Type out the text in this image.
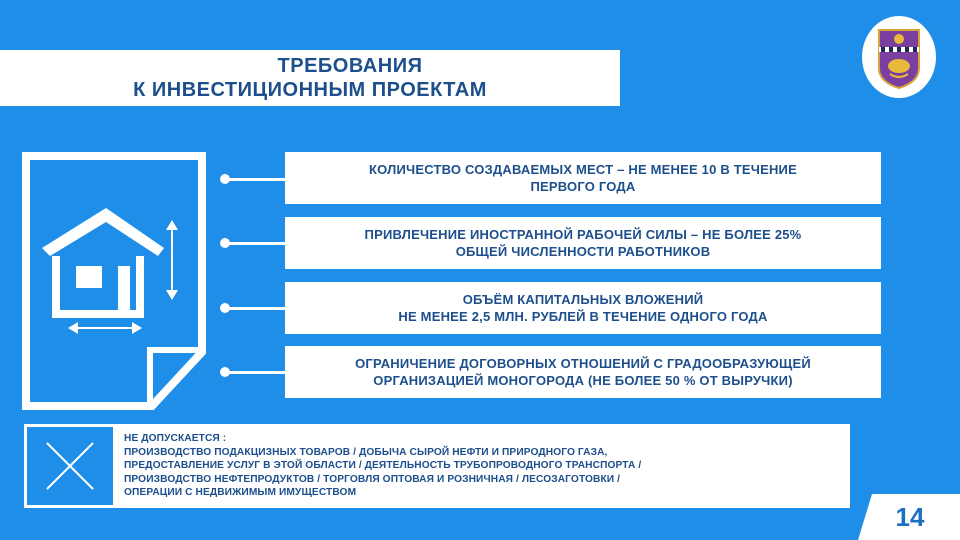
ТРЕБОВАНИЯ
К ИНВЕСТИЦИОННЫМ ПРОЕКТАМ
КОЛИЧЕСТВО СОЗДАВАЕМЫХ МЕСТ – НЕ МЕНЕЕ 10 В ТЕЧЕНИЕ
ПЕРВОГО ГОДА
ПРИВЛЕЧЕНИЕ ИНОСТРАННОЙ РАБОЧЕЙ СИЛЫ – НЕ БОЛЕЕ 25%
ОБЩЕЙ ЧИСЛЕННОСТИ РАБОТНИКОВ
ОБЪЁМ КАПИТАЛЬНЫХ ВЛОЖЕНИЙ
НЕ МЕНЕЕ 2,5 МЛН. РУБЛЕЙ В ТЕЧЕНИЕ ОДНОГО ГОДА
ОГРАНИЧЕНИЕ ДОГОВОРНЫХ ОТНОШЕНИЙ С ГРАДООБРАЗУЮЩЕЙ
ОРГАНИЗАЦИЕЙ МОНОГОРОДА (НЕ БОЛЕЕ 50 % ОТ ВЫРУЧКИ)
НЕ ДОПУСКАЕТСЯ :
ПРОИЗВОДСТВО ПОДАКЦИЗНЫХ ТОВАРОВ / ДОБЫЧА СЫРОЙ НЕФТИ И ПРИРОДНОГО ГАЗА,
ПРЕДОСТАВЛЕНИЕ УСЛУГ В ЭТОЙ ОБЛАСТИ / ДЕЯТЕЛЬНОСТЬ ТРУБОПРОВОДНОГО ТРАНСПОРТА /
ПРОИЗВОДСТВО НЕФТЕПРОДУКТОВ / ТОРГОВЛЯ ОПТОВАЯ И РОЗНИЧНАЯ / ЛЕСОЗАГОТОВКИ /
ОПЕРАЦИИ С НЕДВИЖИМЫМ ИМУЩЕСТВОМ
14
